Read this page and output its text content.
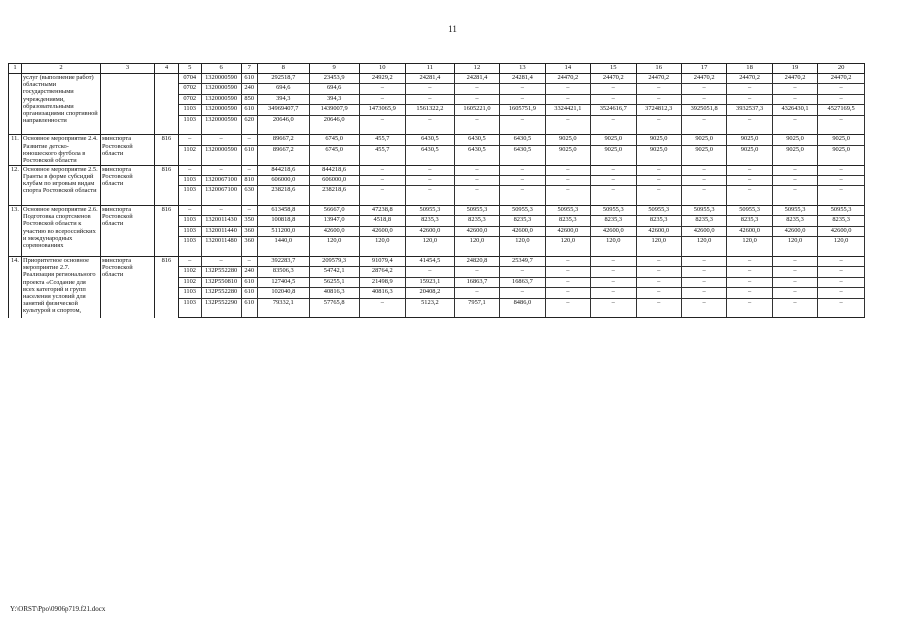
11
1	2	3	4	5	6	7	8	9	10	11	12	13	14	15	16	17	18	19	20
	услуг (выполнение работ) областными государственными учреждениями, образовательными организациями спортивной направленности			0704	1320000590	610	292518,7	23453,9	24929,2	24281,4	24281,4	24281,4	24470,2	24470,2	24470,2	24470,2	24470,2	24470,2	24470,2
				0702	1320000590	240	694,6	694,6	–	–	–	–	–	–	–	–	–	–	–
				0702	1320000590	850	394,3	394,3	–	–	–	–	–	–	–	–	–	–	–
				1103	1320000590	610	34969407,7	1439007,9	1473065,9	1561322,2	1605221,0	1605751,9	3324421,1	3524616,7	3724812,3	3925051,8	3932537,3	4326430,1	4527169,5
				1103	1320000590	620	20646,0	20646,0	–	–	–	–	–	–	–	–	–	–	–

11.	Основное мероприятие 2.4. Развитие детско-юношеского футбола в Ростовской области	минспорта Ростовской области	816	–	–	–	89667,2	6745,0	455,7	6430,5	6430,5	6430,5	9025,0	9025,0	9025,0	9025,0	9025,0	9025,0	9025,0
				1102	1320000590	610	89667,2	6745,0	455,7	6430,5	6430,5	6430,5	9025,0	9025,0	9025,0	9025,0	9025,0	9025,0	9025,0

12.	Основное мероприятие 2.5. Гранты в форме субсидий клубам по игровым видам спорта Ростовской области	минспорта Ростовской области	816	–	–	–	844218,6	844218,6	–	–	–	–	–	–	–	–	–	–	–
				1103	1320067100	810	606000,0	606000,0	–	–	–	–	–	–	–	–	–	–	–
				1103	1320067100	630	238218,6	238218,6	–	–	–	–	–	–	–	–	–	–	–

13.	Основное мероприятие 2.6. Подготовка спортсменов Ростовской области к участию во всероссийских и международных соревнованиях	минспорта Ростовской области	816	–	–	–	613458,8	56667,0	47238,8	50955,3	50955,3	50955,3	50955,3	50955,3	50955,3	50955,3	50955,3	50955,3	50955,3
				1103	1320011430	350	100818,8	13947,0	4518,8	8235,3	8235,3	8235,3	8235,3	8235,3	8235,3	8235,3	8235,3	8235,3	8235,3
				1103	1320011440	360	511200,0	42600,0	42600,0	42600,0	42600,0	42600,0	42600,0	42600,0	42600,0	42600,0	42600,0	42600,0	42600,0
				1103	1320011480	360	1440,0	120,0	120,0	120,0	120,0	120,0	120,0	120,0	120,0	120,0	120,0	120,0	120,0

14.	Приоритетное основное мероприятие 2.7. Реализация регионального проекта «Создание для всех категорий и групп населения условий для занятий физической культурой и спортом,	минспорта Ростовской области	816	–	–	–	392283,7	209579,3	91079,4	41454,5	24820,8	25349,7	–	–	–	–	–	–	–
				1102	132P552280	240	83506,3	54742,1	28764,2	–	–	–	–	–	–	–	–	–	–
				1102	132P550810	610	127404,5	56255,1	21498,9	15923,1	16863,7	16863,7	–	–	–	–	–	–	–
				1103	132P552280	610	102040,8	40816,3	40816,3	20408,2	–	–	–	–	–	–	–	–	–
				1103	132P552290	610	79332,1	57765,8	–	5123,2	7957,1	8486,0	–	–	–	–	–	–	–

Y:\ORST\Ppo\0906p719.f21.docx
